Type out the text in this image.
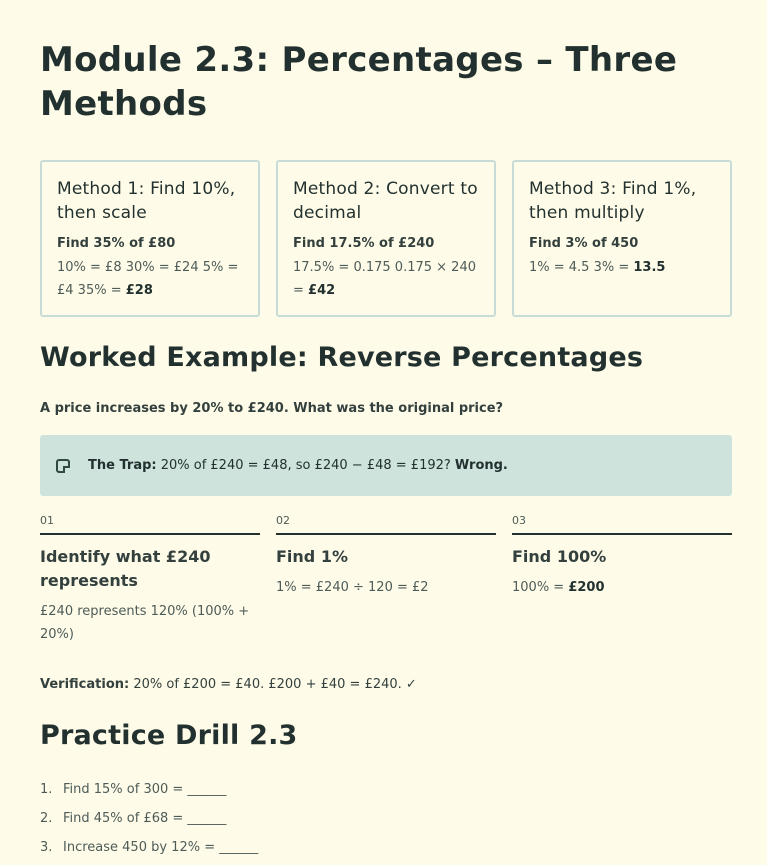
Module 2.3: Percentages – Three Methods
Method 1: Find 10%, then scale
Find 35% of £80
10% = £8 30% = £24 5% = £4 35% = £28
Method 2: Convert to decimal
Find 17.5% of £240
17.5% = 0.175 0.175 × 240 = £42
Method 3: Find 1%, then multiply
Find 3% of 450
1% = 4.5 3% = 13.5
Worked Example: Reverse Percentages
A price increases by 20% to £240. What was the original price?
The Trap: 20% of £240 = £48, so £240 − £48 = £192? Wrong.
01
Identify what £240 represents
£240 represents 120% (100% + 20%)
02
Find 1%
1% = £240 ÷ 120 = £2
03
Find 100%
100% = £200
Verification: 20% of £200 = £40. £200 + £40 = £240. ✓
Practice Drill 2.3
1. Find 15% of 300 = ______
2. Find 45% of £68 = ______
3. Increase 450 by 12% = ______
